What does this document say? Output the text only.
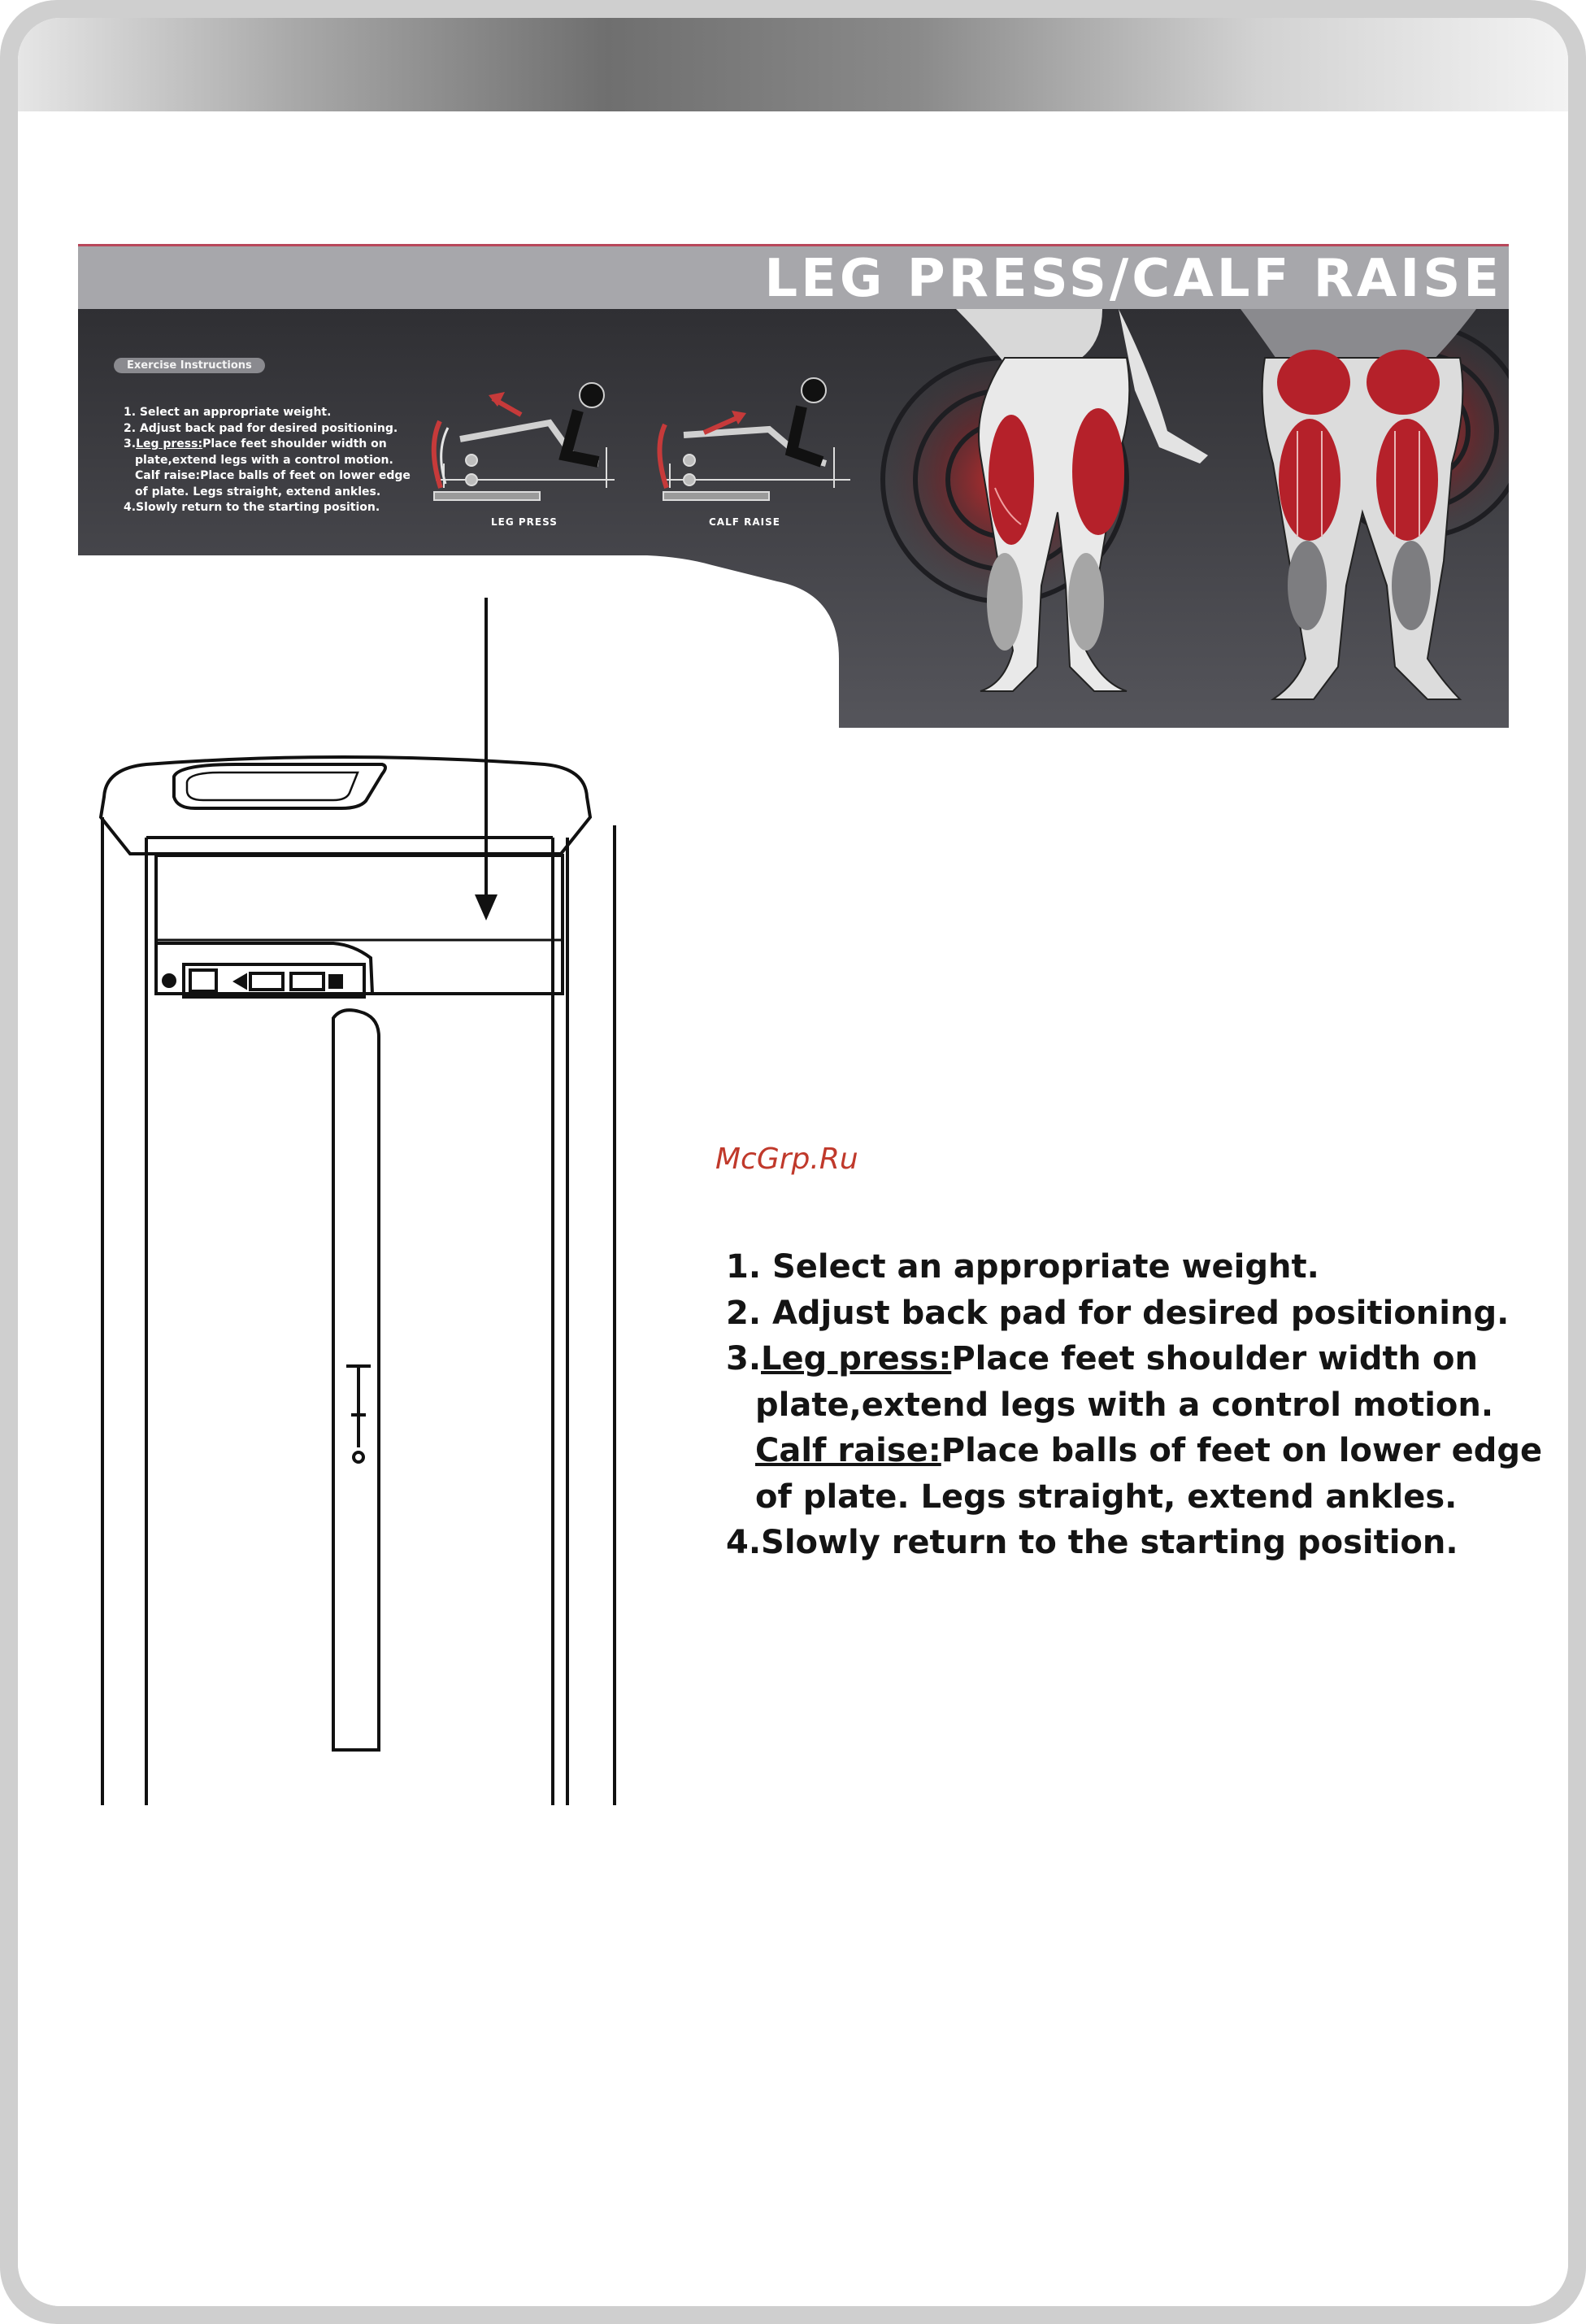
LEG PRESS/CALF RAISE
Exercise Instructions
1. Select an appropriate weight.
2. Adjust back pad for desired positioning.
3.Leg press:Place feet shoulder width on
plate,extend legs with a control motion.
Calf raise:Place balls of feet on lower edge
of plate. Legs straight, extend ankles.
4.Slowly return to the starting position.
LEG PRESS	CALF RAISE
McGrp.Ru
1. Select an appropriate weight.
2. Adjust back pad for desired positioning.
3.Leg press:Place feet shoulder width on
plate,extend legs with a control motion.
Calf raise:Place balls of feet on lower edge
of plate. Legs straight, extend ankles.
4.Slowly return to the starting position.
